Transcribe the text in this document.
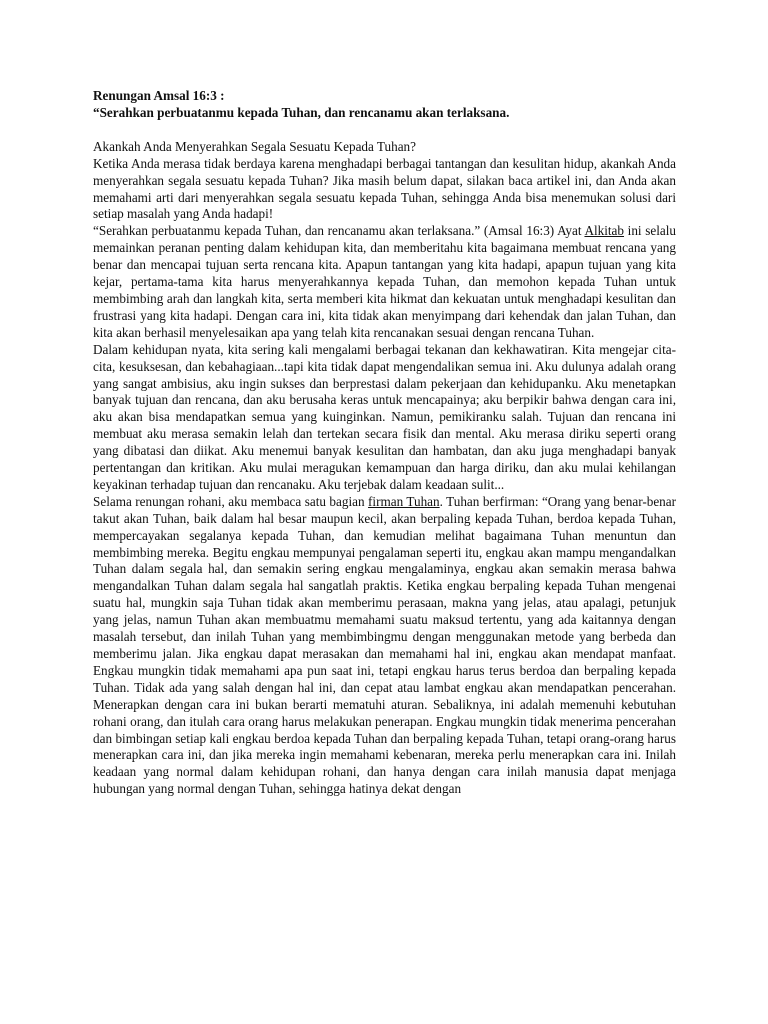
Renungan Amsal 16:3 :

“Serahkan perbuatanmu kepada Tuhan, dan rencanamu akan terlaksana.

Akankah Anda Menyerahkan Segala Sesuatu Kepada Tuhan?

Ketika Anda merasa tidak berdaya karena menghadapi berbagai tantangan dan kesulitan hidup, akankah Anda menyerahkan segala sesuatu kepada Tuhan? Jika masih belum dapat, silakan baca artikel ini, dan Anda akan memahami arti dari menyerahkan segala sesuatu kepada Tuhan, sehingga Anda bisa menemukan solusi dari setiap masalah yang Anda hadapi!

“Serahkan perbuatanmu kepada Tuhan, dan rencanamu akan terlaksana.” (Amsal 16:3) Ayat Alkitab ini selalu memainkan peranan penting dalam kehidupan kita, dan memberitahu kita bagaimana membuat rencana yang benar dan mencapai tujuan serta rencana kita. Apapun tantangan yang kita hadapi, apapun tujuan yang kita kejar, pertama-tama kita harus menyerahkannya kepada Tuhan, dan memohon kepada Tuhan untuk membimbing arah dan langkah kita, serta memberi kita hikmat dan kekuatan untuk menghadapi kesulitan dan frustrasi yang kita hadapi. Dengan cara ini, kita tidak akan menyimpang dari kehendak dan jalan Tuhan, dan kita akan berhasil menyelesaikan apa yang telah kita rencanakan sesuai dengan rencana Tuhan.

Dalam kehidupan nyata, kita sering kali mengalami berbagai tekanan dan kekhawatiran. Kita mengejar cita-cita, kesuksesan, dan kebahagiaan...tapi kita tidak dapat mengendalikan semua ini. Aku dulunya adalah orang yang sangat ambisius, aku ingin sukses dan berprestasi dalam pekerjaan dan kehidupanku. Aku menetapkan banyak tujuan dan rencana, dan aku berusaha keras untuk mencapainya; aku berpikir bahwa dengan cara ini, aku akan bisa mendapatkan semua yang kuinginkan. Namun, pemikiranku salah. Tujuan dan rencana ini membuat aku merasa semakin lelah dan tertekan secara fisik dan mental. Aku merasa diriku seperti orang yang dibatasi dan diikat. Aku menemui banyak kesulitan dan hambatan, dan aku juga menghadapi banyak pertentangan dan kritikan. Aku mulai meragukan kemampuan dan harga diriku, dan aku mulai kehilangan keyakinan terhadap tujuan dan rencanaku. Aku terjebak dalam keadaan sulit...

Selama renungan rohani, aku membaca satu bagian firman Tuhan. Tuhan berfirman: “Orang yang benar-benar takut akan Tuhan, baik dalam hal besar maupun kecil, akan berpaling kepada Tuhan, berdoa kepada Tuhan, mempercayakan segalanya kepada Tuhan, dan kemudian melihat bagaimana Tuhan menuntun dan membimbing mereka. Begitu engkau mempunyai pengalaman seperti itu, engkau akan mampu mengandalkan Tuhan dalam segala hal, dan semakin sering engkau mengalaminya, engkau akan semakin merasa bahwa mengandalkan Tuhan dalam segala hal sangatlah praktis. Ketika engkau berpaling kepada Tuhan mengenai suatu hal, mungkin saja Tuhan tidak akan memberimu perasaan, makna yang jelas, atau apalagi, petunjuk yang jelas, namun Tuhan akan membuatmu memahami suatu maksud tertentu, yang ada kaitannya dengan masalah tersebut, dan inilah Tuhan yang membimbingmu dengan menggunakan metode yang berbeda dan memberimu jalan. Jika engkau dapat merasakan dan memahami hal ini, engkau akan mendapat manfaat. Engkau mungkin tidak memahami apa pun saat ini, tetapi engkau harus terus berdoa dan berpaling kepada Tuhan. Tidak ada yang salah dengan hal ini, dan cepat atau lambat engkau akan mendapatkan pencerahan. Menerapkan dengan cara ini bukan berarti mematuhi aturan. Sebaliknya, ini adalah memenuhi kebutuhan rohani orang, dan itulah cara orang harus melakukan penerapan. Engkau mungkin tidak menerima pencerahan dan bimbingan setiap kali engkau berdoa kepada Tuhan dan berpaling kepada Tuhan, tetapi orang-orang harus menerapkan cara ini, dan jika mereka ingin memahami kebenaran, mereka perlu menerapkan cara ini. Inilah keadaan yang normal dalam kehidupan rohani, dan hanya dengan cara inilah manusia dapat menjaga hubungan yang normal dengan Tuhan, sehingga hatinya dekat dengan
